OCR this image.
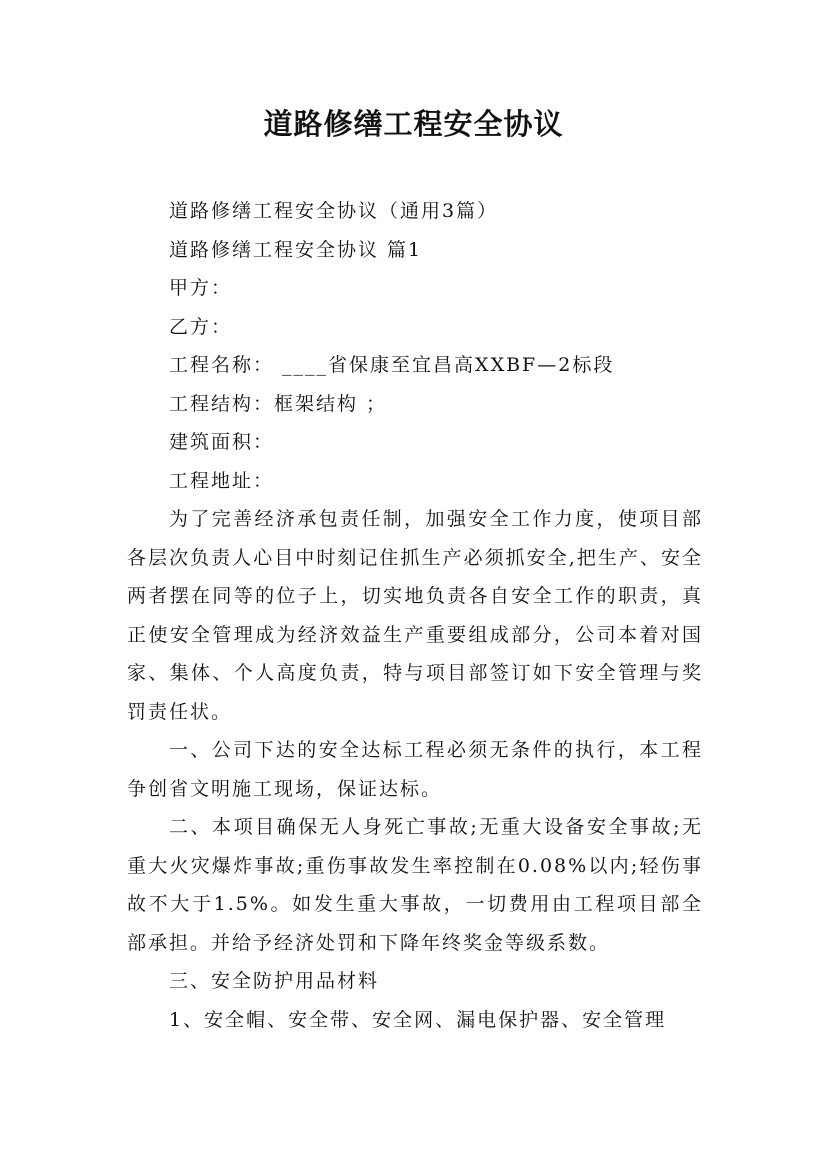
道路修缮工程安全协议
道路修缮工程安全协议（通用3篇）
道路修缮工程安全协议 篇1
甲方：
乙方：
工程名称： ____省保康至宜昌高XXBF—2标段
工程结构：框架结构 ；
建筑面积：
工程地址：

为了完善经济承包责任制，加强安全工作力度，使项目部各层次负责人心目中时刻记住抓生产必须抓安全,把生产、安全两者摆在同等的位子上，切实地负责各自安全工作的职责，真正使安全管理成为经济效益生产重要组成部分，公司本着对国家、集体、个人高度负责，特与项目部签订如下安全管理与奖罚责任状。

一、公司下达的安全达标工程必须无条件的执行，本工程争创省文明施工现场，保证达标。

二、本项目确保无人身死亡事故;无重大设备安全事故;无重大火灾爆炸事故;重伤事故发生率控制在0.08%以内;轻伤事故不大于1.5%。如发生重大事故，一切费用由工程项目部全部承担。并给予经济处罚和下降年终奖金等级系数。

三、安全防护用品材料

1、安全帽、安全带、安全网、漏电保护器、安全管理
